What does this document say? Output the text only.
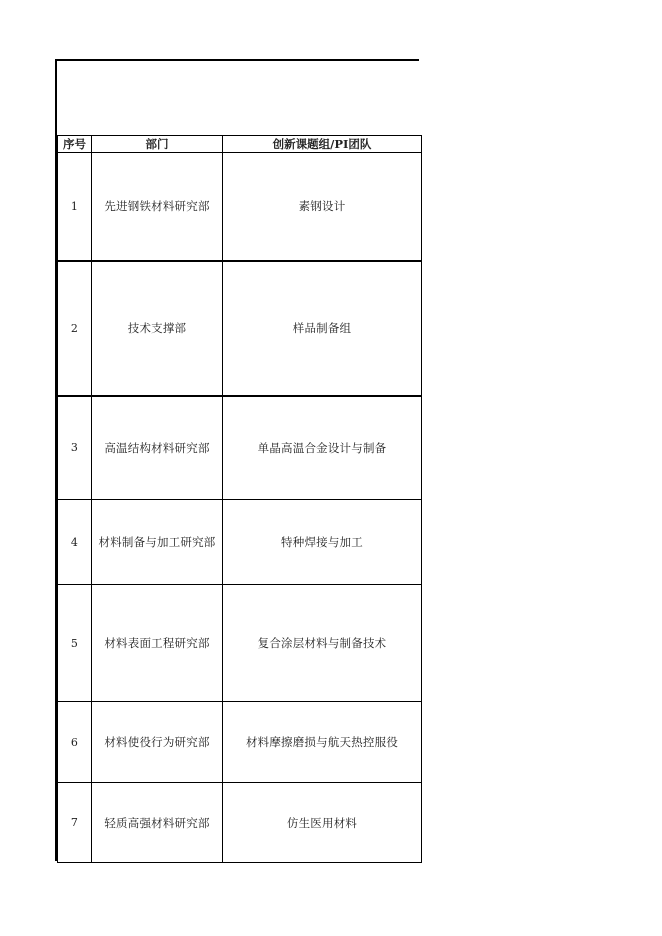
序号	部门	创新课题组/PI团队
1	先进钢铁材料研究部	素钢设计
2	技术支撑部	样品制备组
3	高温结构材料研究部	单晶高温合金设计与制备
4	材料制备与加工研究部	特种焊接与加工
5	材料表面工程研究部	复合涂层材料与制备技术
6	材料使役行为研究部	材料摩擦磨损与航天热控服役
7	轻质高强材料研究部	仿生医用材料
